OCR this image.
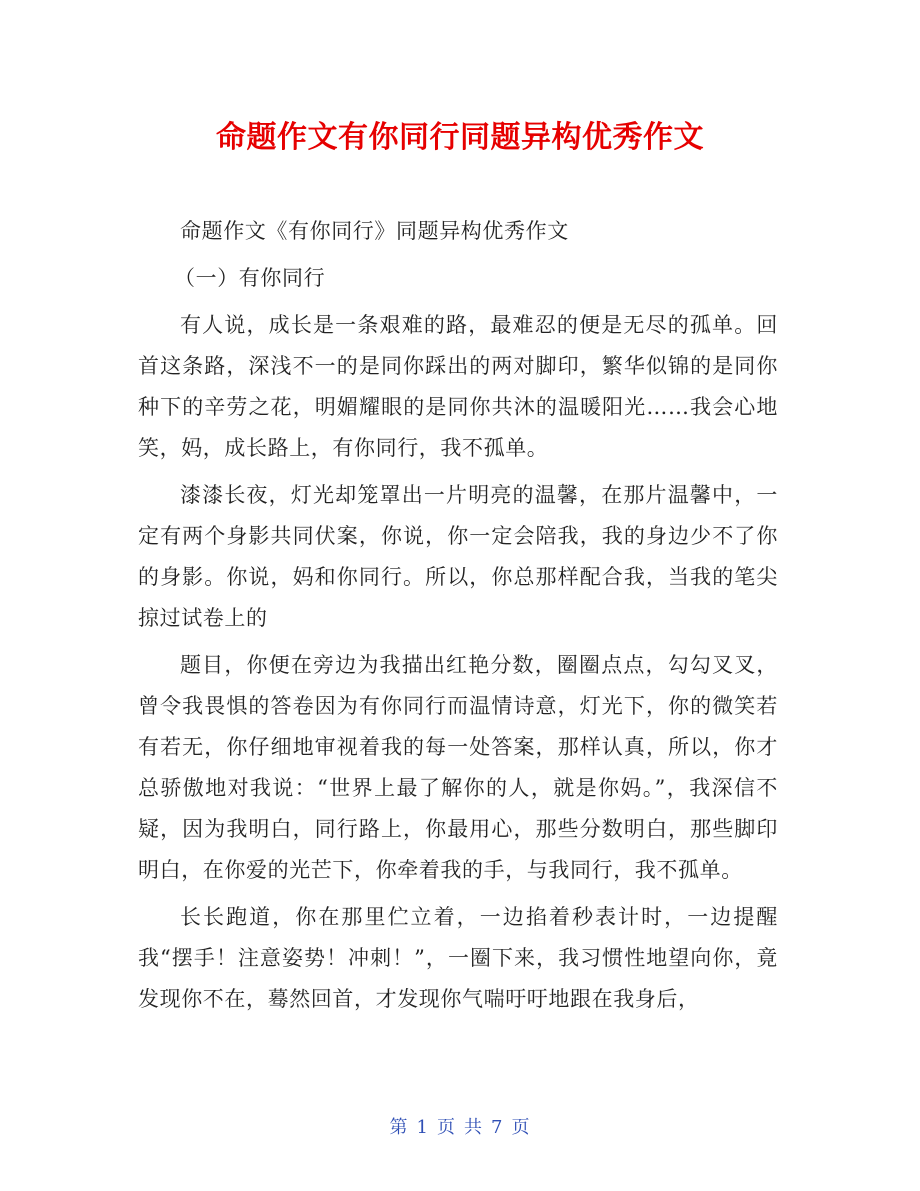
命题作文有你同行同题异构优秀作文

命题作文《有你同行》同题异构优秀作文

（一）有你同行

有人说，成长是一条艰难的路，最难忍的便是无尽的孤单。回首这条路，深浅不一的是同你踩出的两对脚印，繁华似锦的是同你种下的辛劳之花，明媚耀眼的是同你共沐的温暖阳光……我会心地笑，妈，成长路上，有你同行，我不孤单。

漆漆长夜，灯光却笼罩出一片明亮的温馨，在那片温馨中，一定有两个身影共同伏案，你说，你一定会陪我，我的身边少不了你的身影。你说，妈和你同行。所以，你总那样配合我，当我的笔尖掠过试卷上的

题目，你便在旁边为我描出红艳分数，圈圈点点，勾勾叉叉，曾令我畏惧的答卷因为有你同行而温情诗意，灯光下，你的微笑若有若无，你仔细地审视着我的每一处答案，那样认真，所以，你才总骄傲地对我说：“世界上最了解你的人，就是你妈。”，我深信不疑，因为我明白，同行路上，你最用心，那些分数明白，那些脚印明白，在你爱的光芒下，你牵着我的手，与我同行，我不孤单。

长长跑道，你在那里伫立着，一边掐着秒表计时，一边提醒我“摆手！注意姿势！冲刺！”，一圈下来，我习惯性地望向你，竟发现你不在，蓦然回首，才发现你气喘吁吁地跟在我身后，

第 1 页 共 7 页
